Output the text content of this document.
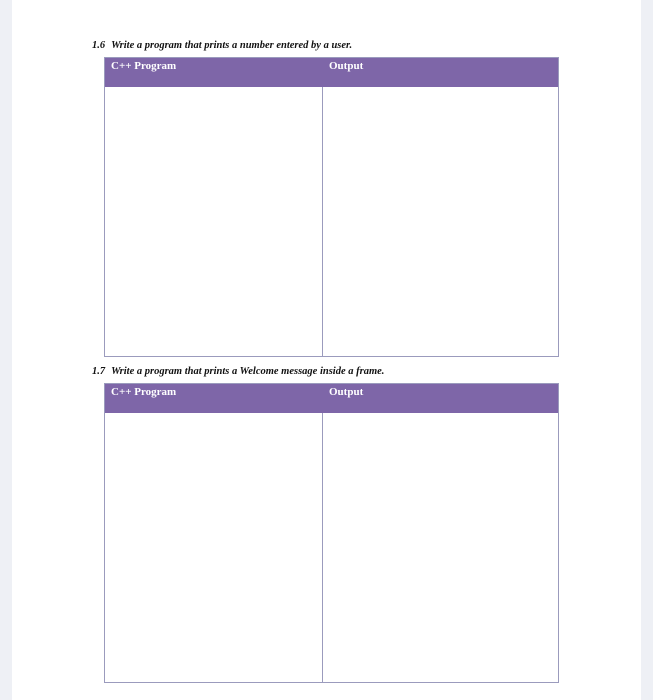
1.6 Write a program that prints a number entered by a user.
C++ Program	Output
1.7 Write a program that prints a Welcome message inside a frame.
C++ Program	Output
